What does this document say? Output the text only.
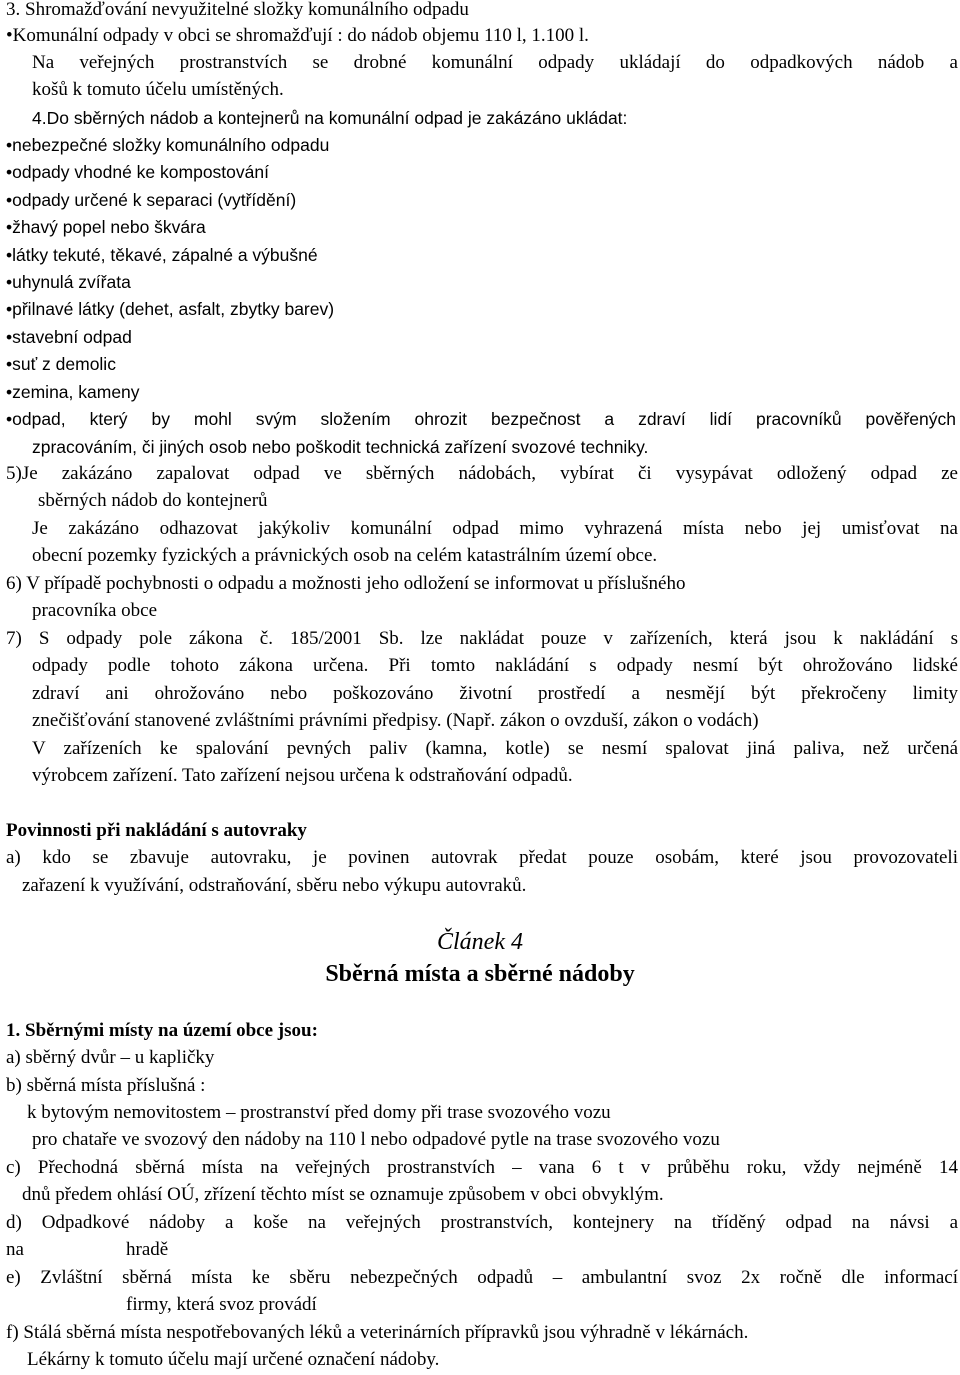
3. Shromažďování nevyužitelné složky komunálního odpadu
•Komunální odpady v obci se shromažďují : do nádob objemu 110 l, 1.100 l.
Na veřejných prostranstvích se drobné komunální odpady ukládají do odpadkových nádob a
košů k tomuto účelu umístěných.
4.Do sběrných nádob a kontejnerů na komunální odpad je zakázáno ukládat:
•nebezpečné složky komunálního odpadu
•odpady vhodné ke kompostování
•odpady určené k separaci (vytřídění)
•žhavý popel nebo škvára
•látky tekuté, těkavé, zápalné a výbušné
•uhynulá zvířata
•přilnavé látky (dehet, asfalt, zbytky barev)
•stavební odpad
•suť z demolic
•zemina, kameny
•odpad, který by mohl svým složením ohrozit bezpečnost a zdraví lidí pracovníků pověřených
zpracováním, či jiných osob nebo poškodit technická zařízení svozové techniky.
5)Je zakázáno zapalovat odpad ve sběrných nádobách, vybírat či vysypávat odložený odpad ze
sběrných nádob do kontejnerů
Je zakázáno odhazovat jakýkoliv komunální odpad mimo vyhrazená místa nebo jej umisťovat na
obecní pozemky fyzických a právnických osob na celém katastrálním území obce.
6) V případě pochybnosti o odpadu a možnosti jeho odložení se informovat u příslušného
pracovníka obce
7) S odpady pole zákona č. 185/2001 Sb. lze nakládat pouze v zařízeních, která jsou k nakládání s
odpady podle tohoto zákona určena. Při tomto nakládání s odpady nesmí být ohrožováno lidské
zdraví ani ohrožováno nebo poškozováno životní prostředí a nesmějí být překročeny limity
znečišťování stanovené zvláštními právními předpisy. (Např. zákon o ovzduší, zákon o vodách)
V zařízeních ke spalování pevných paliv (kamna, kotle) se nesmí spalovat jiná paliva, než určená
výrobcem zařízení. Tato zařízení nejsou určena k odstraňování odpadů.
Povinnosti při nakládání s autovraky
a) kdo se zbavuje autovraku, je povinen autovrak předat pouze osobám, které jsou provozovateli
zařazení k využívání, odstraňování, sběru nebo výkupu autovraků.
Článek 4
Sběrná místa a sběrné nádoby
1. Sběrnými místy na území obce jsou:
a) sběrný dvůr – u kapličky
b) sběrná místa příslušná :
k bytovým nemovitostem – prostranství před domy při trase svozového vozu
pro chataře ve svozový den nádoby na 110 l nebo odpadové pytle na trase svozového vozu
c) Přechodná sběrná místa na veřejných prostranstvích – vana 6 t v průběhu roku, vždy nejméně 14
dnů předem ohlásí OÚ, zřízení těchto míst se oznamuje způsobem v obci obvyklým.
d) Odpadkové nádoby a koše na veřejných prostranstvích, kontejnery na tříděný odpad na návsi a
na	hradě
e) Zvláštní sběrná místa ke sběru nebezpečných odpadů – ambulantní svoz 2x ročně dle informací
firmy, která svoz provádí
f) Stálá sběrná místa nespotřebovaných léků a veterinárních přípravků jsou výhradně v lékárnách.
Lékárny k tomuto účelu mají určené označení nádoby.
